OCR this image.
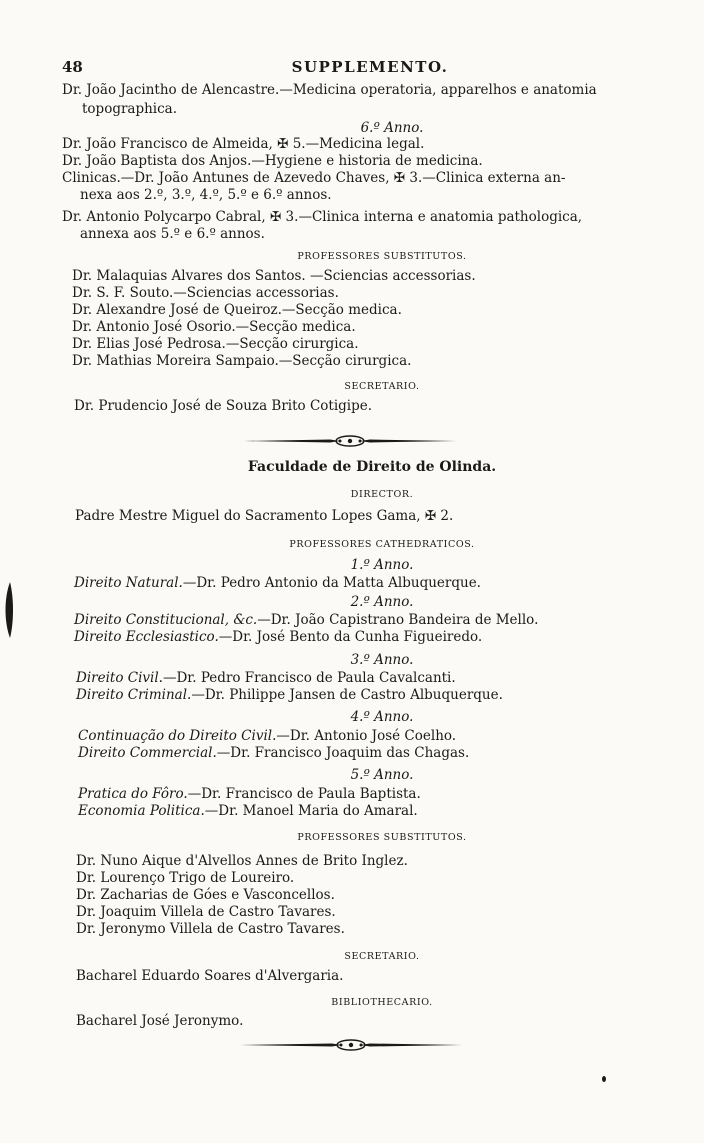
48	SUPPLEMENTO.
Dr. João Jacintho de Alencastre.—Medicina operatoria, apparelhos e anatomia
topographica.
6.º Anno.
Dr. João Francisco de Almeida, ✠ 5.—Medicina legal.
Dr. João Baptista dos Anjos.—Hygiene e historia de medicina.
Clinicas.—Dr. João Antunes de Azevedo Chaves, ✠ 3.—Clinica externa an-
nexa aos 2.º, 3.º, 4.º, 5.º e 6.º annos.
Dr. Antonio Polycarpo Cabral, ✠ 3.—Clinica interna e anatomia pathologica,
annexa aos 5.º e 6.º annos.
PROFESSORES SUBSTITUTOS.
Dr. Malaquias Alvares dos Santos. —Sciencias accessorias.
Dr. S. F. Souto.—Sciencias accessorias.
Dr. Alexandre José de Queiroz.—Secção medica.
Dr. Antonio José Osorio.—Secção medica.
Dr. Elias José Pedrosa.—Secção cirurgica.
Dr. Mathias Moreira Sampaio.—Secção cirurgica.
SECRETARIO.
Dr. Prudencio José de Souza Brito Cotigipe.
Faculdade de Direito de Olinda.
DIRECTOR.
Padre Mestre Miguel do Sacramento Lopes Gama, ✠ 2.
PROFESSORES CATHEDRATICOS.
1.º Anno.
Direito Natural.—Dr. Pedro Antonio da Matta Albuquerque.
2.º Anno.
Direito Constitucional, &c.—Dr. João Capistrano Bandeira de Mello.
Direito Ecclesiastico.—Dr. José Bento da Cunha Figueiredo.
3.º Anno.
Direito Civil.—Dr. Pedro Francisco de Paula Cavalcanti.
Direito Criminal.—Dr. Philippe Jansen de Castro Albuquerque.
4.º Anno.
Continuação do Direito Civil.—Dr. Antonio José Coelho.
Direito Commercial.—Dr. Francisco Joaquim das Chagas.
5.º Anno.
Pratica do Fôro.—Dr. Francisco de Paula Baptista.
Economia Politica.—Dr. Manoel Maria do Amaral.
PROFESSORES SUBSTITUTOS.
Dr. Nuno Aique d'Alvellos Annes de Brito Inglez.
Dr. Lourenço Trigo de Loureiro.
Dr. Zacharias de Góes e Vasconcellos.
Dr. Joaquim Villela de Castro Tavares.
Dr. Jeronymo Villela de Castro Tavares.
SECRETARIO.
Bacharel Eduardo Soares d'Alvergaria.
BIBLIOTHECARIO.
Bacharel José Jeronymo.
